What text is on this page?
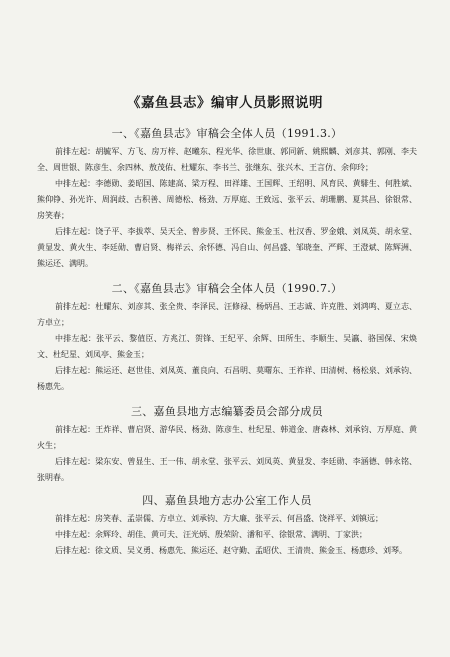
《嘉鱼县志》编审人员影照说明
一、《嘉鱼县志》审稿会全体人员（1991.3.）

前排左起：胡毓军、方飞、房万梓、赵曦东、程光华、徐世康、郭同新、姚熙麟、刘彦其、郭刚、李夫全、周世银、陈彦生、余四林、敖茂佑、杜耀东、李书兰、张继东、张兴木、王言仿、余仰玲；

中排左起：李德勋、姜昭国、陈建高、梁万程、田祥雄、王国辉、王绍明、风育民、黄騑生、何胜斌、熊仰铮、孙光许、周润歧、古积善、周德松、杨劲、万厚庭、王致远、张平云、胡珊鹏、夏其昌、徐银常、房笑春；

后排左起：饶子平、李拔萃、吴天全、曾步贤、王怀民、熊金玉、杜汉香、罗金娥、刘凤英、胡永堂、黄显发、黄火生、李廷勋、曹启贤、梅祥云、余怀德、冯自山、何昌盛、邹晓奎、严辉、王澄斌、陈辉洲、熊运还、满明。

二、《嘉鱼县志》审稿会全体人员（1990.7.）

前排左起：杜耀东、刘彦其、张全贵、李泽民、汪修禄、杨炳昌、王志诚、许克胜、刘鸿鸣、夏立志、方卓立；

中排左起：张平云、黎值臣、方兆江、贺锋、王纪平、余辉、田所生、李顺生、吴瀛、骆国保、宋焕文、杜纪星、刘凤亭、熊金玉；

后排左起：熊运还、赵世佳、刘凤英、董良向、石昌明、莫曙东、王祚祥、田清树、杨松泉、刘承钧、杨惠先。

三、嘉鱼县地方志编纂委员会部分成员

前排左起：王炸祥、曹启贤、游华民、杨劲、陈彦生、杜纪星、韩道金、唐森林、刘承钧、万厚庭、黄火生；

后排左起：梁东安、曾显生、王一伟、胡永堂、张平云、刘凤英、黄显发、李廷勋、李涵德、韩永铭、张明春。

四、嘉鱼县地方志办公室工作人员

前排左起：房笑春、孟崇儒、方卓立、刘承钧、方大廉、张平云、何昌盛、饶祥平、刘镇远；

中排左起：余辉玲、胡佳、黄可夫、汪光炳、殷荣阶、潘和平、徐银常、满明、丁家洪；

后排左起：徐文质、吴义勇、杨惠先、熊运还、赵守勤、孟昭伏、王清贵、熊金玉、杨惠珍、刘琴。
